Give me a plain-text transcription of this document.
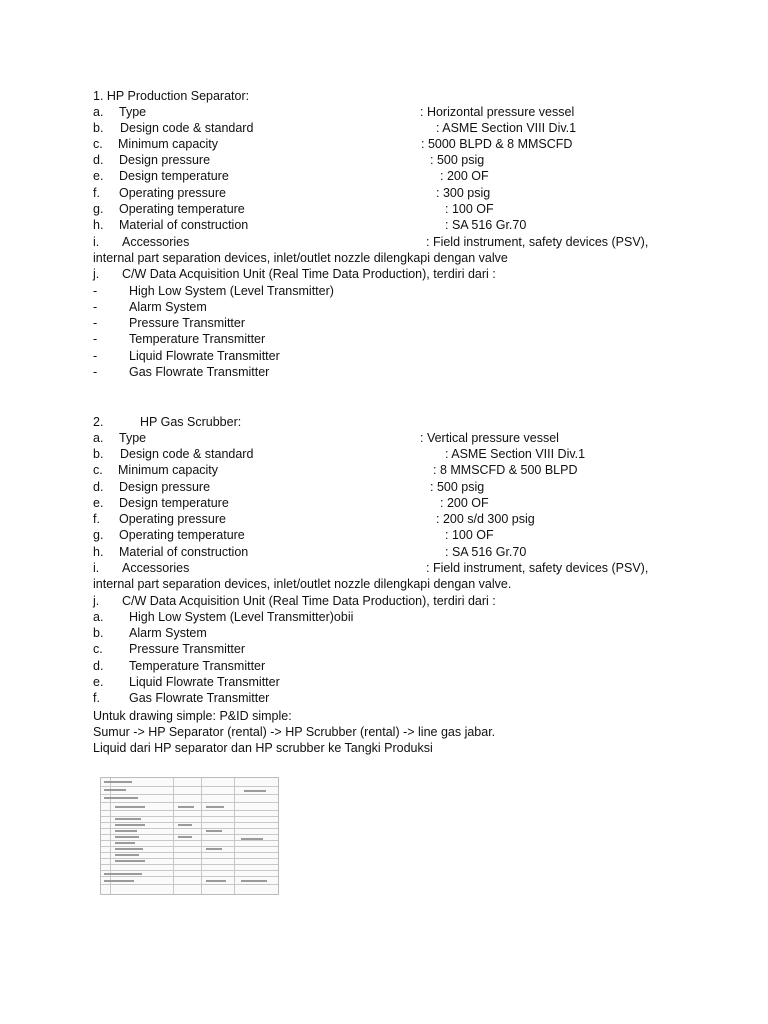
1. HP Production Separator:
a. Type	: Horizontal pressure vessel
b. Design code & standard	: ASME Section VIII Div.1
c. Minimum capacity	: 5000 BLPD & 8 MMSCFD
d. Design pressure	: 500 psig
e. Design temperature	: 200 OF
f. Operating pressure	: 300 psig
g. Operating temperature	: 100 OF
h. Material of construction	: SA 516 Gr.70
i. Accessories	: Field instrument, safety devices (PSV),
internal part separation devices, inlet/outlet nozzle dilengkapi dengan valve
j. C/W Data Acquisition Unit (Real Time Data Production), terdiri dari :
-	High Low System (Level Transmitter)
-	Alarm System
-	Pressure Transmitter
-	Temperature Transmitter
-	Liquid Flowrate Transmitter
-	Gas Flowrate Transmitter
2.	HP Gas Scrubber:
a. Type	: Vertical pressure vessel
b. Design code & standard	: ASME Section VIII Div.1
c. Minimum capacity	: 8 MMSCFD & 500 BLPD
d. Design pressure	: 500 psig
e. Design temperature	: 200 OF
f. Operating pressure	: 200 s/d 300 psig
g. Operating temperature	: 100 OF
h. Material of construction	: SA 516 Gr.70
i. Accessories	: Field instrument, safety devices (PSV),
internal part separation devices, inlet/outlet nozzle dilengkapi dengan valve.
j. C/W Data Acquisition Unit (Real Time Data Production), terdiri dari :
a. High Low System (Level Transmitter)obii
b. Alarm System
c. Pressure Transmitter
d. Temperature Transmitter
e. Liquid Flowrate Transmitter
f. Gas Flowrate Transmitter
Untuk drawing simple: P&ID simple:
Sumur -> HP Separator (rental) -> HP Scrubber (rental) -> line gas jabar.
Liquid dari HP separator dan HP scrubber ke Tangki Produksi
